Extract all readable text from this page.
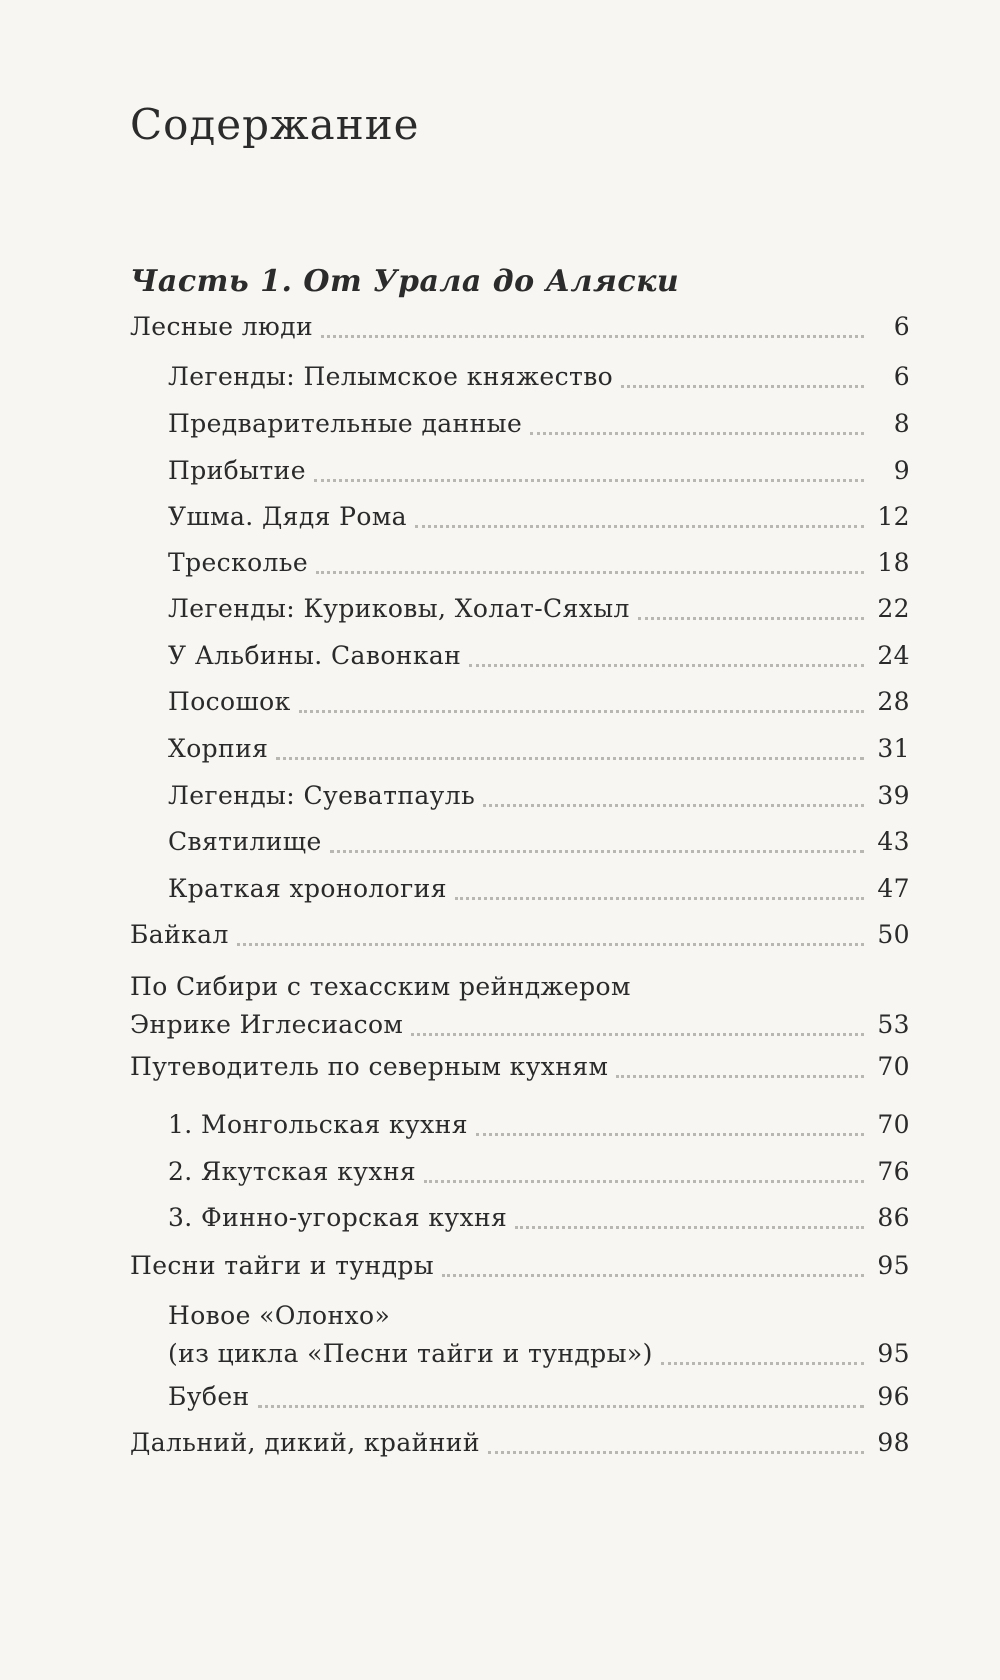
Содержание
Часть 1. От Урала до Аляски
Лесные люди	6
Легенды: Пелымское княжество	6
Предварительные данные	8
Прибытие	9
Ушма. Дядя Рома	12
Тресколье	18
Легенды: Куриковы, Холат-Сяхыл	22
У Альбины. Савонкан	24
Посошок	28
Хорпия	31
Легенды: Суеватпауль	39
Святилище	43
Краткая хронология	47
Байкал	50
По Сибири с техасским рейнджером
Энрике Иглесиасом	53
Путеводитель по северным кухням	70
1. Монгольская кухня	70
2. Якутская кухня	76
3. Финно-угорская кухня	86
Песни тайги и тундры	95
Новое «Олонхо»
(из цикла «Песни тайги и тундры»)	95
Бубен	96
Дальний, дикий, крайний	98
